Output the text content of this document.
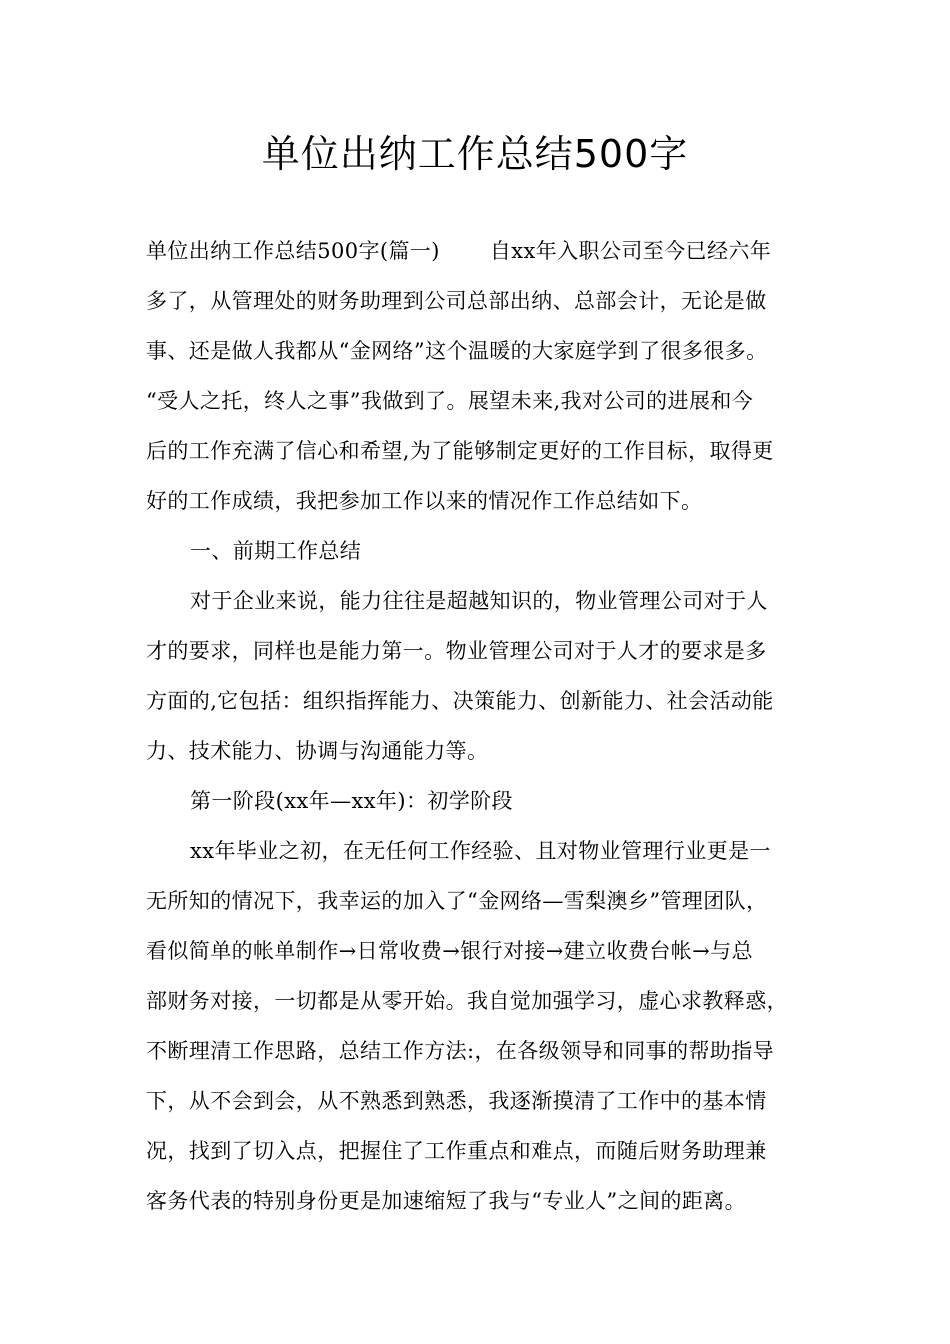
单位出纳工作总结500字
单位出纳工作总结500字(篇一) 自xx年入职公司至今已经六年
多了，从管理处的财务助理到公司总部出纳、总部会计，无论是做
事、还是做人我都从“金网络”这个温暖的大家庭学到了很多很多。
“受人之托，终人之事”我做到了。展望未来,我对公司的进展和今
后的工作充满了信心和希望,为了能够制定更好的工作目标，取得更
好的工作成绩，我把参加工作以来的情况作工作总结如下。
一、前期工作总结
对于企业来说，能力往往是超越知识的，物业管理公司对于人
才的要求，同样也是能力第一。物业管理公司对于人才的要求是多
方面的,它包括：组织指挥能力、决策能力、创新能力、社会活动能
力、技术能力、协调与沟通能力等。
第一阶段(xx年—xx年)：初学阶段
xx年毕业之初，在无任何工作经验、且对物业管理行业更是一
无所知的情况下，我幸运的加入了“金网络—雪梨澳乡”管理团队，
看似简单的帐单制作→日常收费→银行对接→建立收费台帐→与总
部财务对接，一切都是从零开始。我自觉加强学习，虚心求教释惑，
不断理清工作思路，总结工作方法:，在各级领导和同事的帮助指导
下，从不会到会，从不熟悉到熟悉，我逐渐摸清了工作中的基本情
况，找到了切入点，把握住了工作重点和难点，而随后财务助理兼
客务代表的特别身份更是加速缩短了我与“专业人”之间的距离。
